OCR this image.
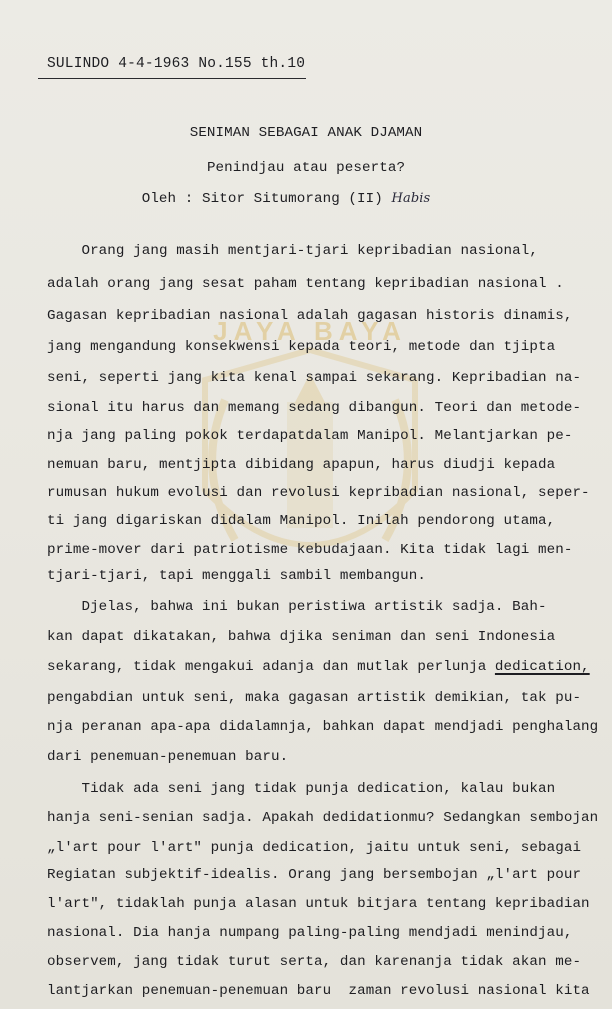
JAYA BAYA
SULINDO 4-4-1963 No.155 th.10
SENIMAN SEBAGAI ANAK DJAMAN
Penindjau atau peserta?
Oleh : Sitor Situmorang (II) Habis
Orang jang masih mentjari-tjari kepribadian nasional,
adalah orang jang sesat paham tentang kepribadian nasional .
Gagasan kepribadian nasional adalah gagasan historis dinamis,
jang mengandung konsekwensi kepada teori, metode dan tjipta
seni, seperti jang kita kenal sampai sekarang. Kepribadian na-
sional itu harus dan memang sedang dibangun. Teori dan metode-
nja jang paling pokok terdapatdalam Manipol. Melantjarkan pe-
nemuan baru, mentjipta dibidang apapun, harus diudji kepada
rumusan hukum evolusi dan revolusi kepribadian nasional, seper-
ti jang digariskan didalam Manipol. Inilah pendorong utama,
prime-mover dari patriotisme kebudajaan. Kita tidak lagi men-
tjari-tjari, tapi menggali sambil membangun.
Djelas, bahwa ini bukan peristiwa artistik sadja. Bah-
kan dapat dikatakan, bahwa djika seniman dan seni Indonesia
sekarang, tidak mengakui adanja dan mutlak perlunja dedication,
pengabdian untuk seni, maka gagasan artistik demikian, tak pu-
nja peranan apa-apa didalamnja, bahkan dapat mendjadi penghalang
dari penemuan-penemuan baru.
Tidak ada seni jang tidak punja dedication, kalau bukan
hanja seni-senian sadja. Apakah dedidationmu? Sedangkan sembojan
„l'art pour l'art" punja dedication, jaitu untuk seni, sebagai
Regiatan subjektif-idealis. Orang jang bersembojan „l'art pour
l'art", tidaklah punja alasan untuk bitjara tentang kepribadian
nasional. Dia hanja numpang paling-paling mendjadi menindjau,
observem, jang tidak turut serta, dan karenanja tidak akan me-
lantjarkan penemuan-penemuan baru  zaman revolusi nasional kita
